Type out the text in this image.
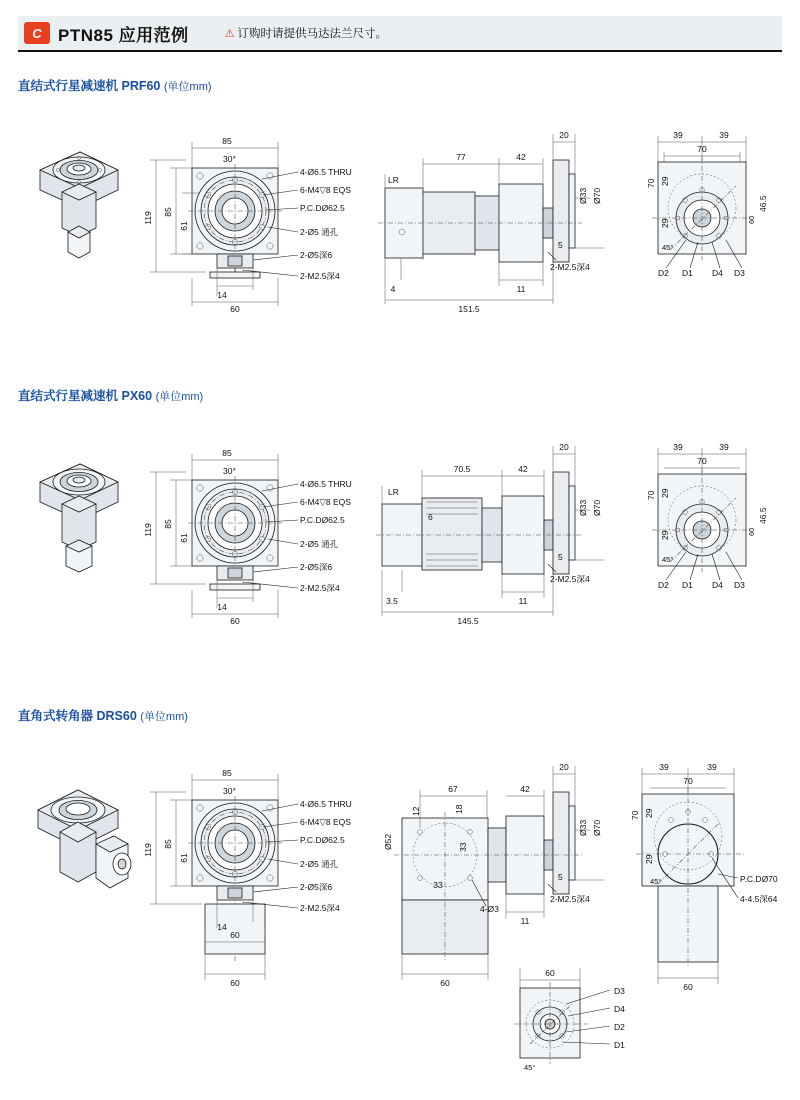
C PTN85 应用范例	⚠ 订购时请提供马达法兰尺寸。
直结式行星减速机 PRF60 (单位mm)
85
30°
119 85
61
14
60
4-Ø6.5 THRU
6-M4▽8 EQS
P.C.DØ62.5
2-Ø5 通孔
2-Ø5深6
2-M2.5深4
LR
77	42
20
Ø33 Ø70
4	11
151.5
5
2-M2.5深4
39	39
70
70 29
29
46.5
60
45°
D2 D1 D4 D3
直结式行星减速机 PX60 (单位mm)
85
30°
119 85
61
14
60
4-Ø6.5 THRU
6-M4▽8 EQS
P.C.DØ62.5
2-Ø5 通孔
2-Ø5深6
2-M2.5深4
LR
6
70.5	42
20
Ø33 Ø70
3.5	11
145.5
5
2-M2.5深4
39	39
70
70 29
29
46.5
60
45°
D2 D1 D4 D3
直角式转角器 DRS60 (单位mm)
85
30°
119 85
61
14
60
60
4-Ø6.5 THRU
6-M4▽8 EQS
P.C.DØ62.5
2-Ø5 通孔
2-Ø5深6
2-M2.5深4
67	42
20
12	18
Ø52	33
33
4-Ø3
Ø33 Ø70
5
2-M2.5深4
11
60
39	39
70
70 29
29
45°	P.C.DØ70
4-4.5深64
60
60
45°
D3
D4
D2
D1
